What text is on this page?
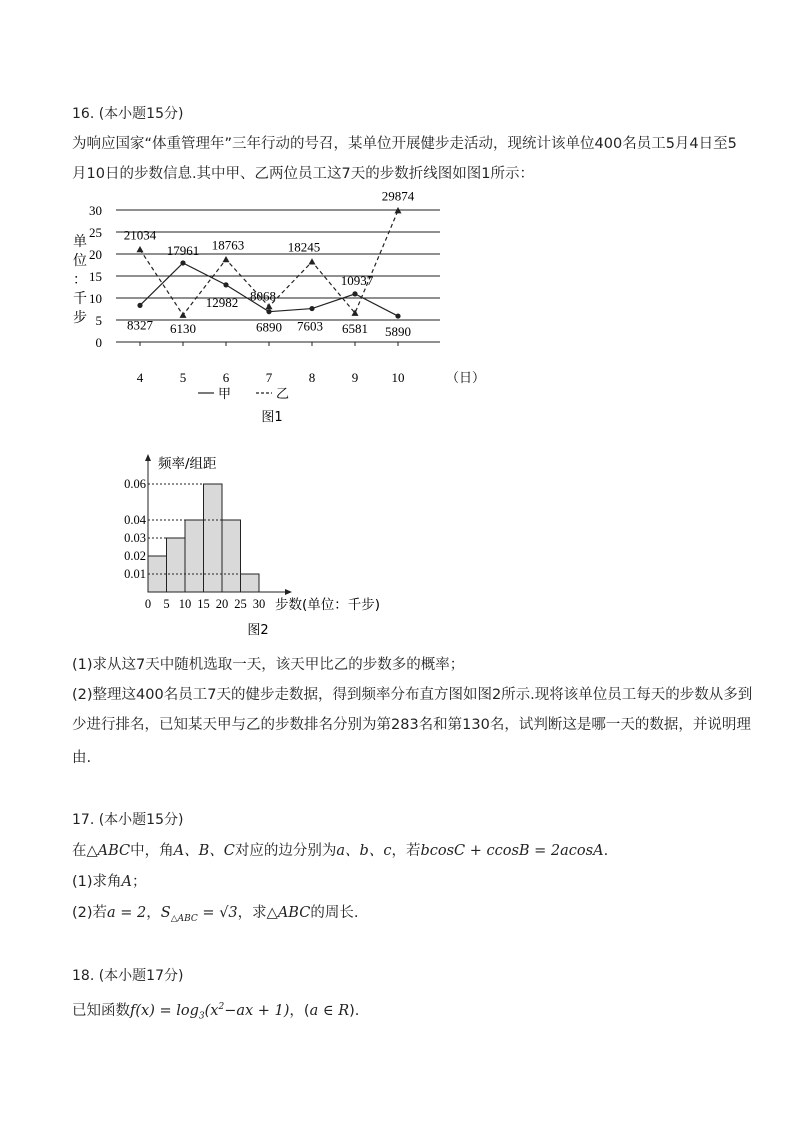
16. (本小题15分)
为响应国家“体重管理年”三年行动的号召，某单位开展健步走活动，现统计该单位400名员工5月4日至5
月10日的步数信息.其中甲、乙两位员工这7天的步数折线图如图1所示：
0
5
10
15
20
25
30
单
位
：
千
步
4	5	6	7	8	9	10	（日）
8327
17961
12982
6890 7603
10937
5890
21034
6130
18763
8068
18245
6581
29874
甲	乙
图1
频率/组距
0.01
0.02
0.03
0.04
0.06
0 5 10 15 20 25 30 步数(单位：千步)
图2
(1)求从这7天中随机选取一天，该天甲比乙的步数多的概率；
(2)整理这400名员工7天的健步走数据，得到频率分布直方图如图2所示.现将该单位员工每天的步数从多到
少进行排名，已知某天甲与乙的步数排名分别为第283名和第130名，试判断这是哪一天的数据，并说明理
由.
17. (本小题15分)
在△ABC中，角A、B、C对应的边分别为a、b、c，若bcosC + ccosB = 2acosA.
(1)求角A；
(2)若a = 2，$S_{\triangle ABC} = √3$，求△ABC的周长.
18. (本小题17分)
已知函数$f(x) = \log_3(x^2-ax + 1)$，(a ∈ R).
